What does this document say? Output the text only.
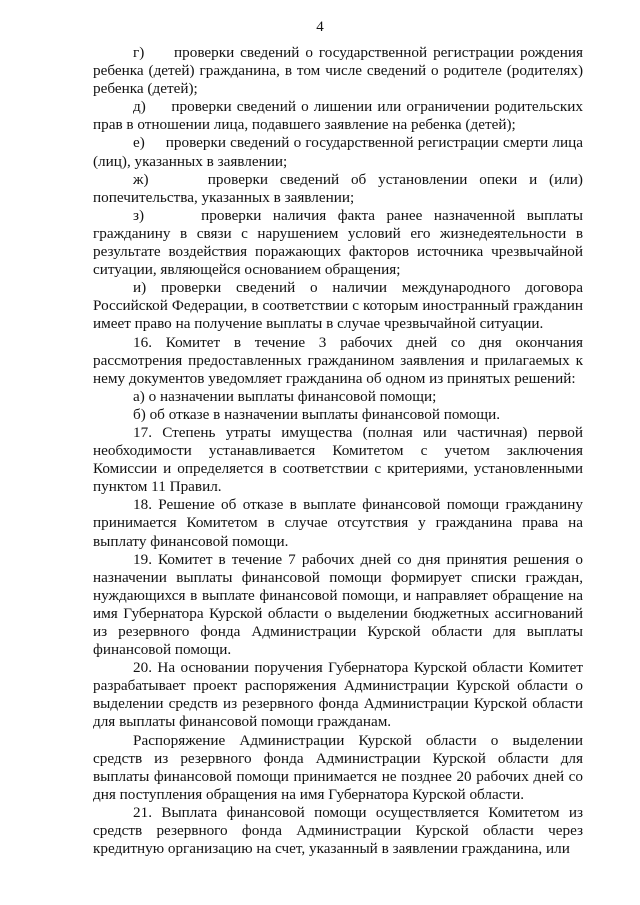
4

г)     проверки сведений о государственной регистрации рождения ребенка (детей) гражданина, в том числе сведений о родителе (родителях) ребенка (детей);

д)     проверки сведений о лишении или ограничении родительских прав в отношении лица, подавшего заявление на ребенка (детей);

е)     проверки сведений о государственной регистрации смерти лица (лиц), указанных в заявлении;

ж)     проверки сведений об установлении опеки и (или) попечительства, указанных в заявлении;

з)     проверки наличия факта ранее назначенной выплаты гражданину в связи с нарушением условий его жизнедеятельности в результате воздействия поражающих факторов источника чрезвычайной ситуации, являющейся основанием обращения;

и) проверки сведений о наличии международного договора Российской Федерации, в соответствии с которым иностранный гражданин имеет право на получение выплаты в случае чрезвычайной ситуации.

16. Комитет в течение 3 рабочих дней со дня окончания рассмотрения предоставленных гражданином заявления и прилагаемых к нему документов уведомляет гражданина об одном из принятых решений:

а) о назначении выплаты финансовой помощи;

б) об отказе в назначении выплаты финансовой помощи.

17. Степень утраты имущества (полная или частичная) первой необходимости устанавливается Комитетом с учетом заключения Комиссии и определяется в соответствии с критериями, установленными пунктом 11 Правил.

18. Решение об отказе в выплате финансовой помощи гражданину принимается Комитетом в случае отсутствия у гражданина права на выплату финансовой помощи.

19. Комитет в течение 7 рабочих дней со дня принятия решения о назначении выплаты финансовой помощи формирует списки граждан, нуждающихся в выплате финансовой помощи, и направляет обращение на имя Губернатора Курской области о выделении бюджетных ассигнований из резервного фонда Администрации Курской области для выплаты финансовой помощи.

20. На основании поручения Губернатора Курской области Комитет разрабатывает проект распоряжения Администрации Курской области о выделении средств из резервного фонда Администрации Курской области для выплаты финансовой помощи гражданам.

Распоряжение Администрации Курской области о выделении средств из резервного фонда Администрации Курской области для выплаты финансовой помощи принимается не позднее 20 рабочих дней со дня поступления обращения на имя Губернатора Курской области.

21. Выплата финансовой помощи осуществляется Комитетом из средств резервного фонда Администрации Курской области через кредитную организацию на счет, указанный в заявлении гражданина, или
